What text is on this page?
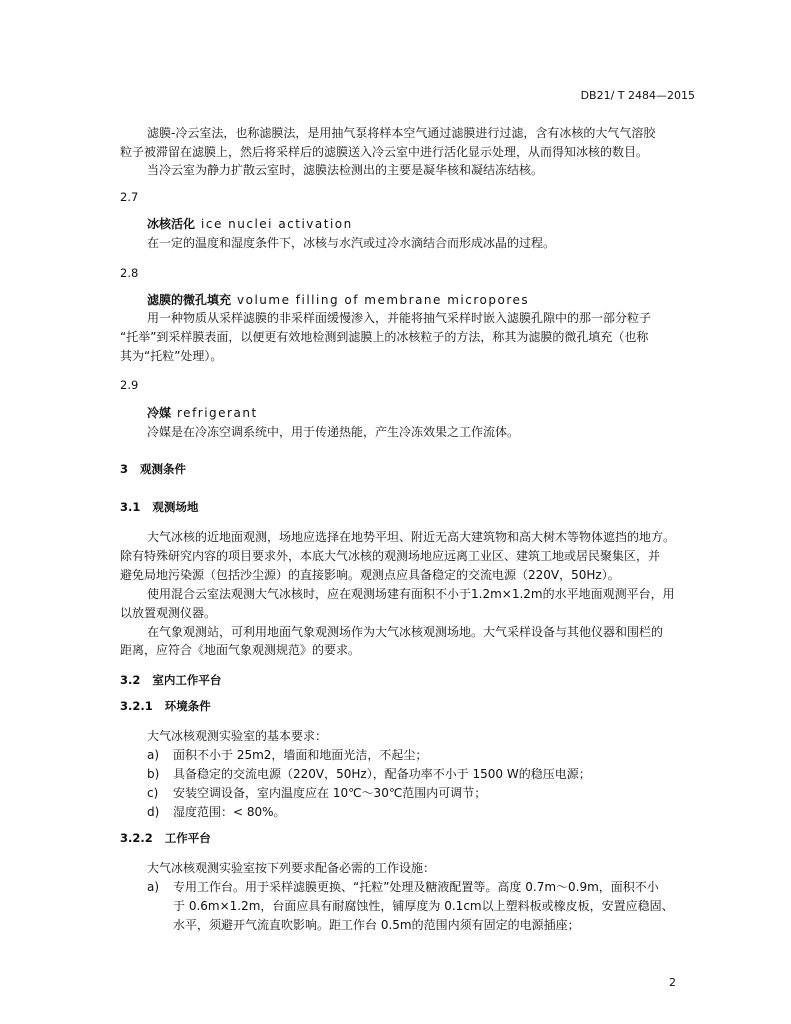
DB21/ T 2484—2015
滤膜-冷云室法，也称滤膜法，是用抽气泵将样本空气通过滤膜进行过滤，含有冰核的大气气溶胶
粒子被滞留在滤膜上，然后将采样后的滤膜送入冷云室中进行活化显示处理，从而得知冰核的数目。
当冷云室为静力扩散云室时，滤膜法检测出的主要是凝华核和凝结冻结核。
2.7
冰核活化 ice nuclei activation
在一定的温度和湿度条件下，冰核与水汽或过冷水滴结合而形成冰晶的过程。
2.8
滤膜的微孔填充 volume filling of membrane micropores
用一种物质从采样滤膜的非采样面缓慢渗入，并能将抽气采样时嵌入滤膜孔隙中的那一部分粒子
“托举”到采样膜表面，以便更有效地检测到滤膜上的冰核粒子的方法，称其为滤膜的微孔填充（也称
其为“托粒”处理）。
2.9
冷媒 refrigerant
冷媒是在冷冻空调系统中，用于传递热能，产生冷冻效果之工作流体。
3   观测条件
3.1   观测场地
大气冰核的近地面观测，场地应选择在地势平坦、附近无高大建筑物和高大树木等物体遮挡的地方。
除有特殊研究内容的项目要求外，本底大气冰核的观测场地应远离工业区、建筑工地或居民聚集区，并
避免局地污染源（包括沙尘源）的直接影响。观测点应具备稳定的交流电源（220V，50Hz）。
使用混合云室法观测大气冰核时，应在观测场建有面积不小于1.2m×1.2m的水平地面观测平台，用
以放置观测仪器。
在气象观测站，可利用地面气象观测场作为大气冰核观测场地。大气采样设备与其他仪器和围栏的
距离，应符合《地面气象观测规范》的要求。
3.2   室内工作平台
3.2.1   环境条件
大气冰核观测实验室的基本要求：
a) 面积不小于 25m2，墙面和地面光洁，不起尘；
b) 具备稳定的交流电源（220V，50Hz），配备功率不小于 1500 W的稳压电源；
c) 安装空调设备，室内温度应在 10℃～30℃范围内可调节；
d) 湿度范围：< 80%。
3.2.2   工作平台
大气冰核观测实验室按下列要求配备必需的工作设施：
a) 专用工作台。用于采样滤膜更换、“托粒”处理及糖液配置等。高度 0.7m～0.9m，面积不小
于 0.6m×1.2m，台面应具有耐腐蚀性，铺厚度为 0.1cm以上塑料板或橡皮板，安置应稳固、
水平，须避开气流直吹影响。距工作台 0.5m的范围内须有固定的电源插座；
2
